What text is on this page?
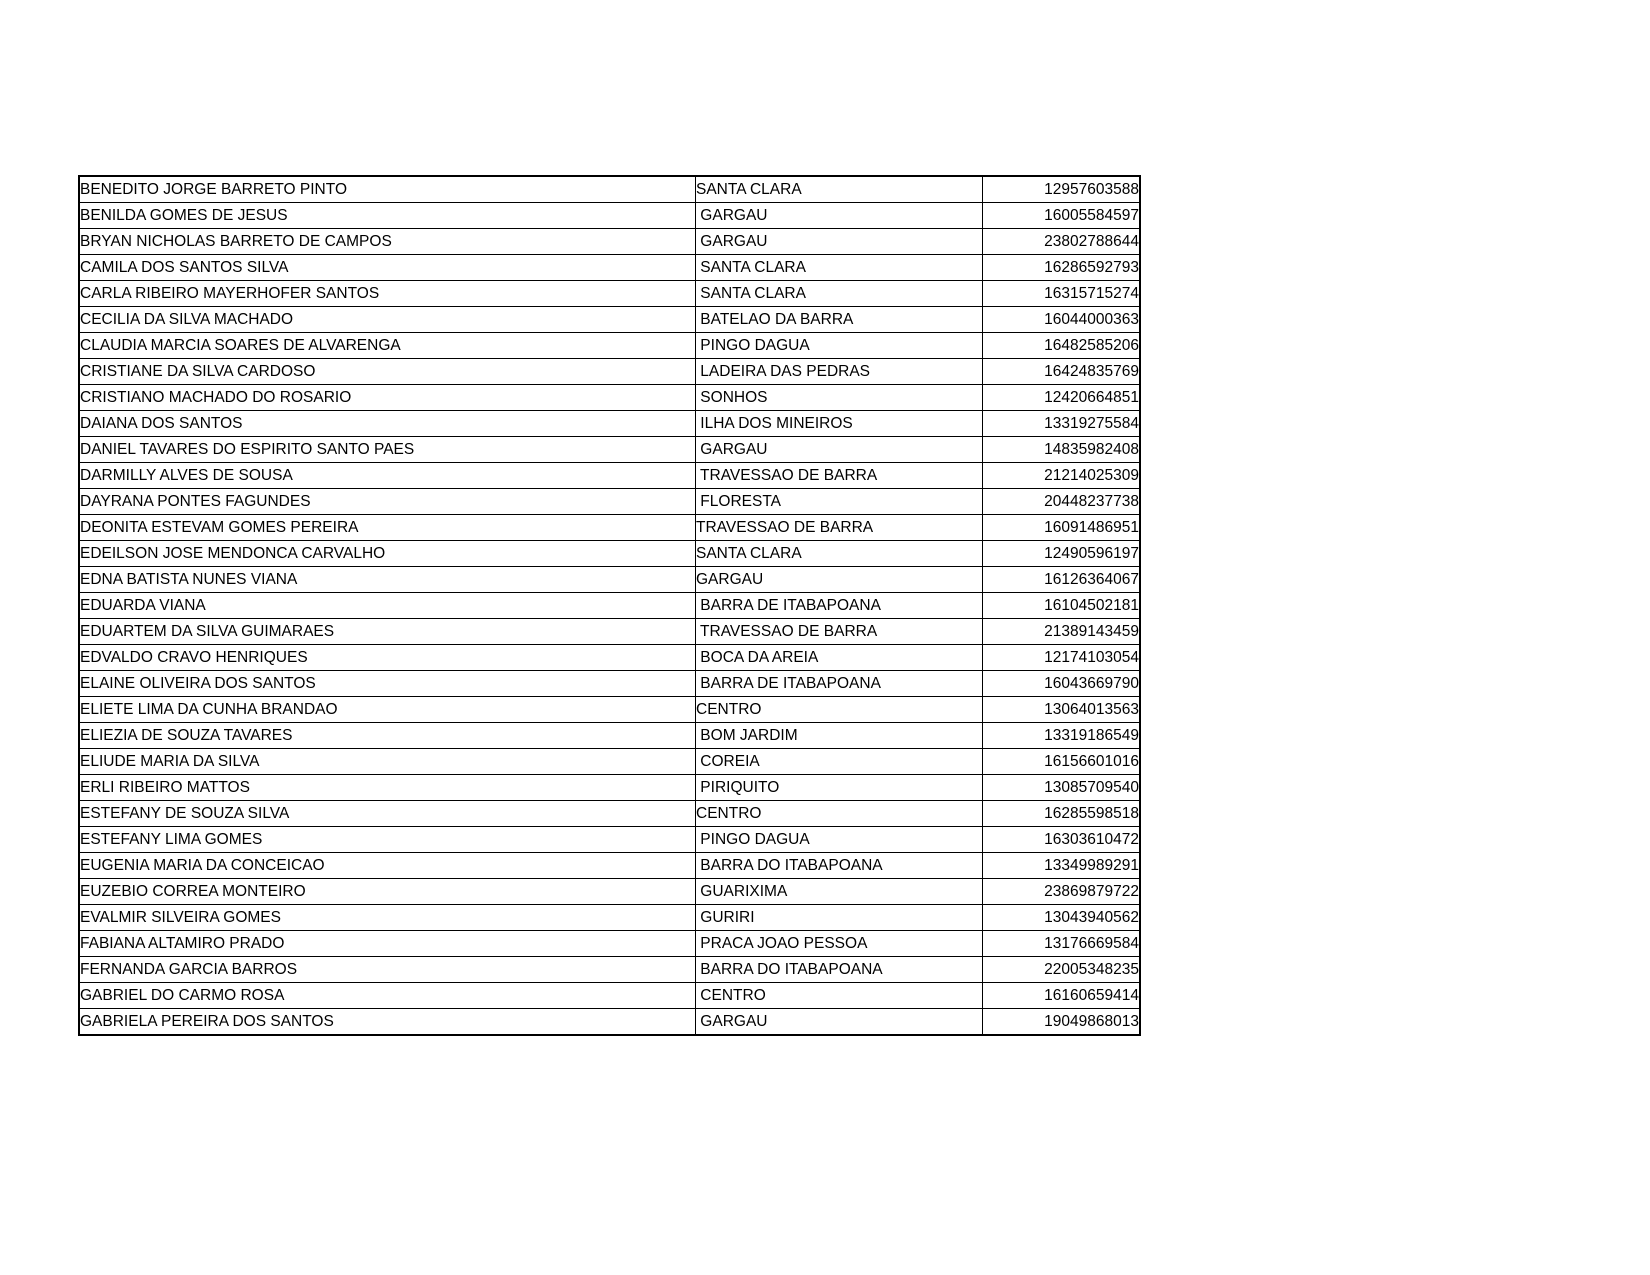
BENEDITO JORGE BARRETO PINTO	SANTA CLARA	12957603588
BENILDA GOMES DE JESUS	GARGAU	16005584597
BRYAN NICHOLAS BARRETO DE CAMPOS	GARGAU	23802788644
CAMILA DOS SANTOS SILVA	SANTA CLARA	16286592793
CARLA RIBEIRO MAYERHOFER SANTOS	SANTA CLARA	16315715274
CECILIA DA SILVA MACHADO	BATELAO DA BARRA	16044000363
CLAUDIA MARCIA SOARES DE ALVARENGA	PINGO DAGUA	16482585206
CRISTIANE DA SILVA CARDOSO	LADEIRA DAS PEDRAS	16424835769
CRISTIANO MACHADO DO ROSARIO	SONHOS	12420664851
DAIANA DOS SANTOS	ILHA DOS MINEIROS	13319275584
DANIEL TAVARES DO ESPIRITO SANTO PAES	GARGAU	14835982408
DARMILLY ALVES DE SOUSA	TRAVESSAO DE BARRA	21214025309
DAYRANA PONTES FAGUNDES	FLORESTA	20448237738
DEONITA ESTEVAM GOMES PEREIRA	TRAVESSAO DE BARRA	16091486951
EDEILSON JOSE MENDONCA CARVALHO	SANTA CLARA	12490596197
EDNA BATISTA NUNES VIANA	GARGAU	16126364067
EDUARDA VIANA	BARRA DE ITABAPOANA	16104502181
EDUARTEM DA SILVA GUIMARAES	TRAVESSAO DE BARRA	21389143459
EDVALDO CRAVO HENRIQUES	BOCA DA AREIA	12174103054
ELAINE OLIVEIRA DOS SANTOS	BARRA DE ITABAPOANA	16043669790
ELIETE LIMA DA CUNHA BRANDAO	CENTRO	13064013563
ELIEZIA DE SOUZA TAVARES	BOM JARDIM	13319186549
ELIUDE MARIA DA SILVA	COREIA	16156601016
ERLI RIBEIRO MATTOS	PIRIQUITO	13085709540
ESTEFANY DE SOUZA SILVA	CENTRO	16285598518
ESTEFANY LIMA GOMES	PINGO DAGUA	16303610472
EUGENIA MARIA DA CONCEICAO	BARRA DO ITABAPOANA	13349989291
EUZEBIO CORREA MONTEIRO	GUARIXIMA	23869879722
EVALMIR SILVEIRA GOMES	GURIRI	13043940562
FABIANA ALTAMIRO PRADO	PRACA JOAO PESSOA	13176669584
FERNANDA GARCIA BARROS	BARRA DO ITABAPOANA	22005348235
GABRIEL DO CARMO ROSA	CENTRO	16160659414
GABRIELA PEREIRA DOS SANTOS	GARGAU	19049868013
